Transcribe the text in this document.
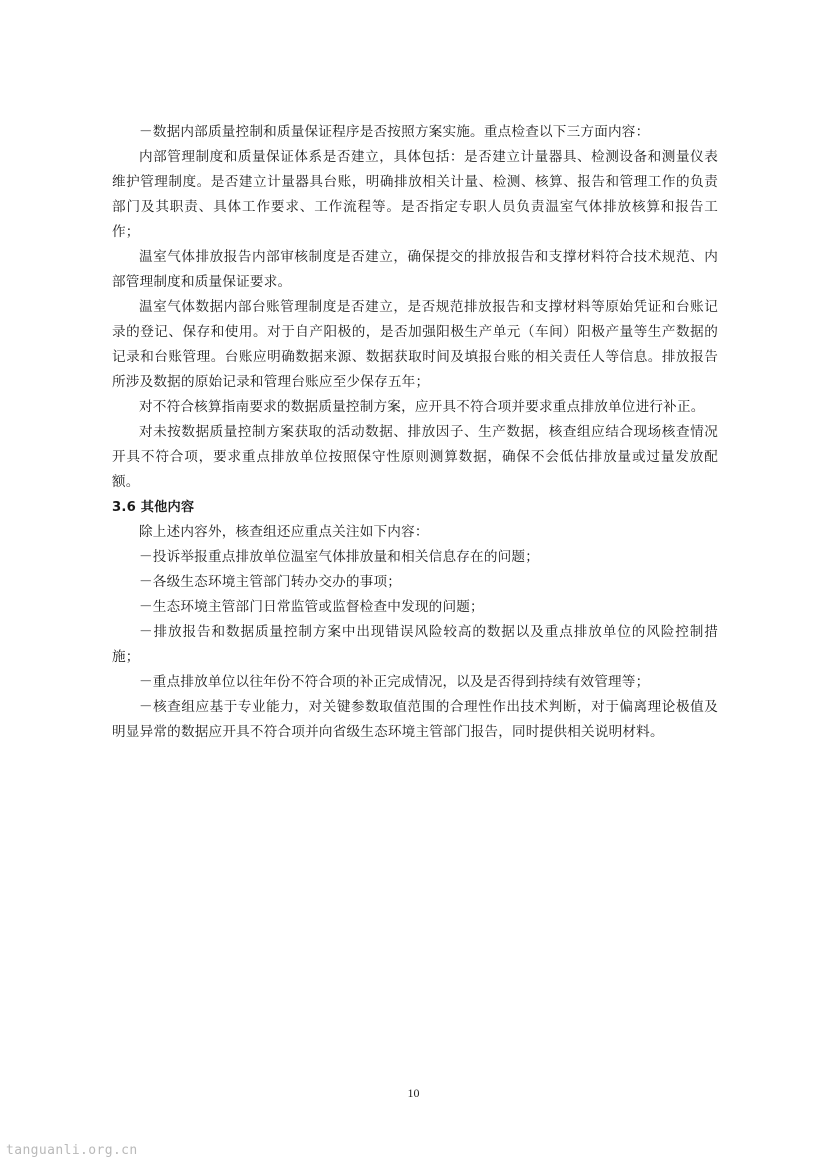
－数据内部质量控制和质量保证程序是否按照方案实施。重点检查以下三方面内容：

内部管理制度和质量保证体系是否建立，具体包括：是否建立计量器具、检测设备和测量仪表维护管理制度。是否建立计量器具台账，明确排放相关计量、检测、核算、报告和管理工作的负责部门及其职责、具体工作要求、工作流程等。是否指定专职人员负责温室气体排放核算和报告工作；

温室气体排放报告内部审核制度是否建立，确保提交的排放报告和支撑材料符合技术规范、内部管理制度和质量保证要求。

温室气体数据内部台账管理制度是否建立，是否规范排放报告和支撑材料等原始凭证和台账记录的登记、保存和使用。对于自产阳极的，是否加强阳极生产单元（车间）阳极产量等生产数据的记录和台账管理。台账应明确数据来源、数据获取时间及填报台账的相关责任人等信息。排放报告所涉及数据的原始记录和管理台账应至少保存五年；

对不符合核算指南要求的数据质量控制方案，应开具不符合项并要求重点排放单位进行补正。

对未按数据质量控制方案获取的活动数据、排放因子、生产数据，核查组应结合现场核查情况开具不符合项，要求重点排放单位按照保守性原则测算数据，确保不会低估排放量或过量发放配额。

3.6 其他内容

除上述内容外，核查组还应重点关注如下内容：

－投诉举报重点排放单位温室气体排放量和相关信息存在的问题；

－各级生态环境主管部门转办交办的事项；

－生态环境主管部门日常监管或监督检查中发现的问题；

－排放报告和数据质量控制方案中出现错误风险较高的数据以及重点排放单位的风险控制措施；

－重点排放单位以往年份不符合项的补正完成情况，以及是否得到持续有效管理等；

－核查组应基于专业能力，对关键参数取值范围的合理性作出技术判断，对于偏离理论极值及明显异常的数据应开具不符合项并向省级生态环境主管部门报告，同时提供相关说明材料。

10
tanguanli.org.cn
